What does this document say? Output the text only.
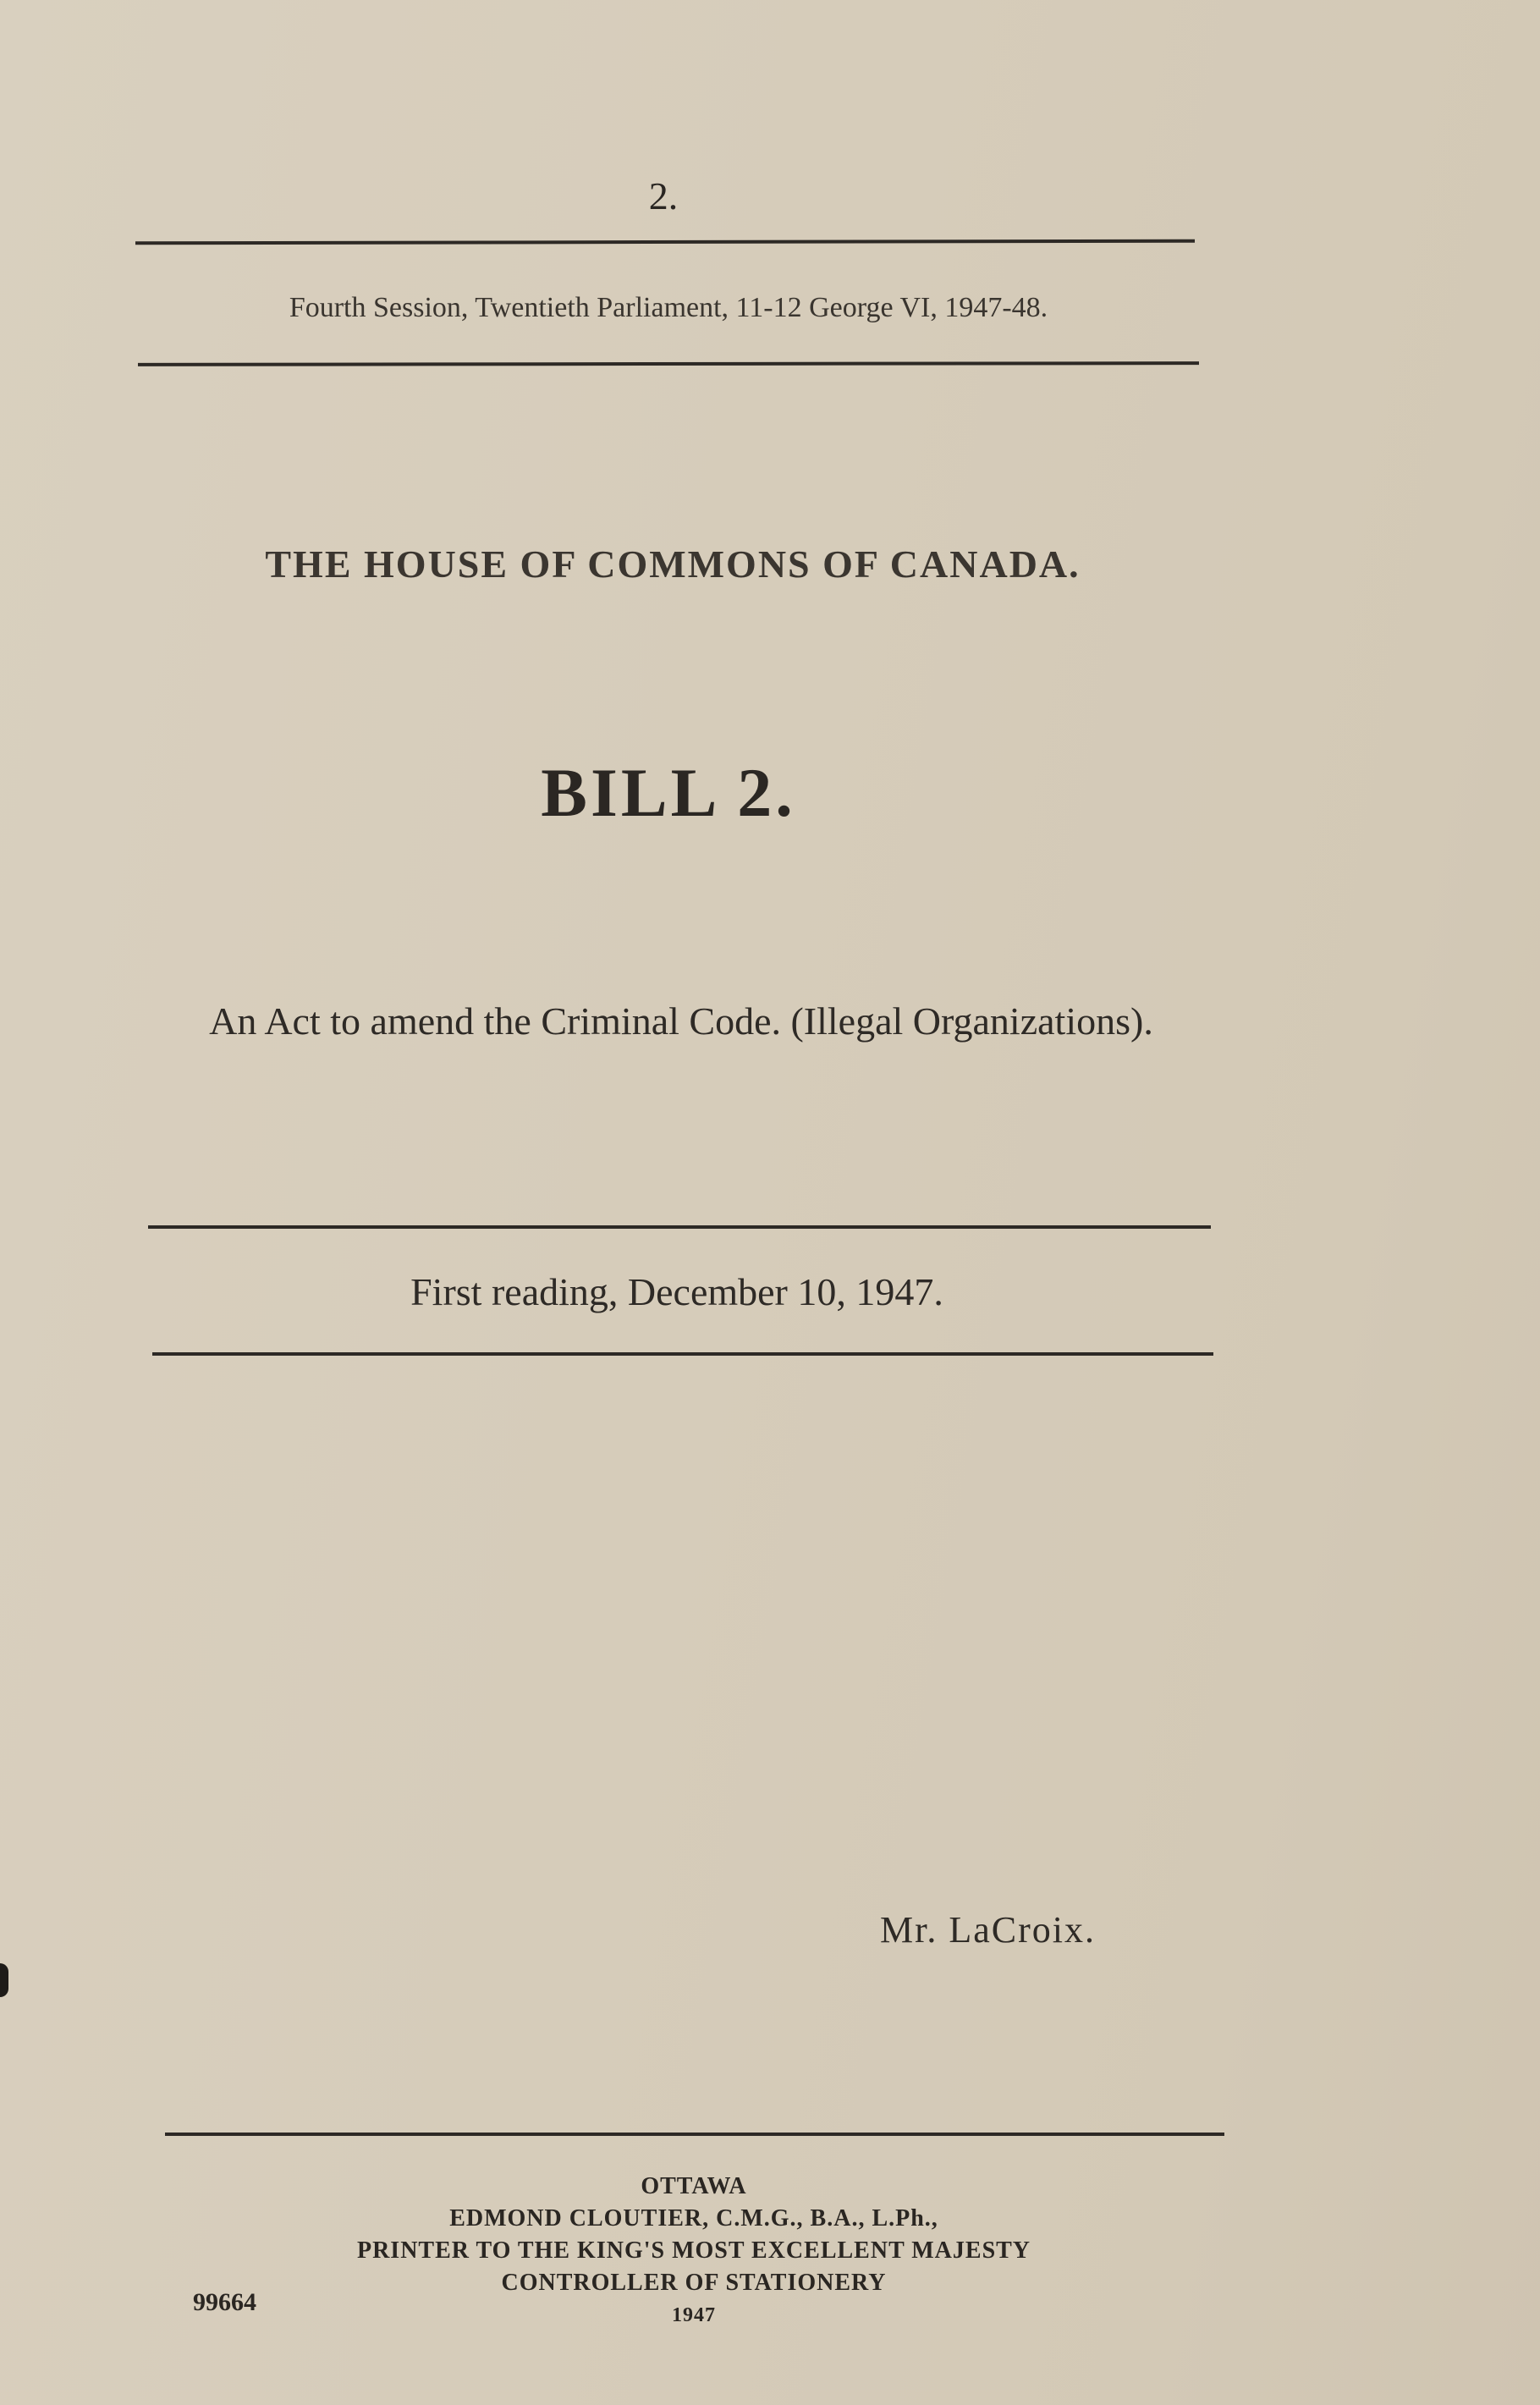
2.
Fourth Session, Twentieth Parliament, 11-12 George VI, 1947-48.
THE HOUSE OF COMMONS OF CANADA.
BILL 2.
An Act to amend the Criminal Code. (Illegal Organizations).
First reading, December 10, 1947.
Mr. LaCroix.
OTTAWA
EDMOND CLOUTIER, C.M.G., B.A., L.Ph.,
PRINTER TO THE KING'S MOST EXCELLENT MAJESTY
CONTROLLER OF STATIONERY
1947
99664
